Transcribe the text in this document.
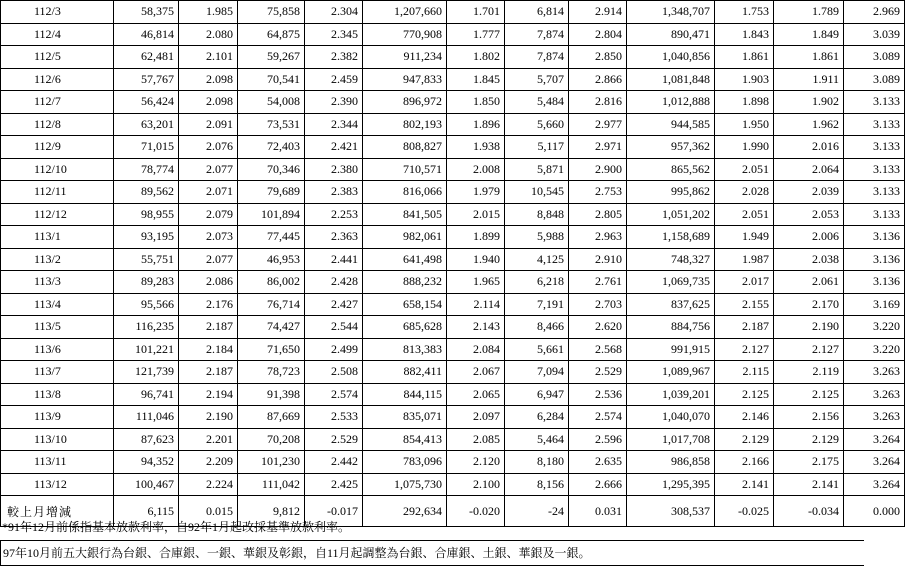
112/3	58,375	1.985	75,858	2.304	1,207,660	1.701	6,814	2.914	1,348,707	1.753	1.789	2.969
112/4	46,814	2.080	64,875	2.345	770,908	1.777	7,874	2.804	890,471	1.843	1.849	3.039
112/5	62,481	2.101	59,267	2.382	911,234	1.802	7,874	2.850	1,040,856	1.861	1.861	3.089
112/6	57,767	2.098	70,541	2.459	947,833	1.845	5,707	2.866	1,081,848	1.903	1.911	3.089
112/7	56,424	2.098	54,008	2.390	896,972	1.850	5,484	2.816	1,012,888	1.898	1.902	3.133
112/8	63,201	2.091	73,531	2.344	802,193	1.896	5,660	2.977	944,585	1.950	1.962	3.133
112/9	71,015	2.076	72,403	2.421	808,827	1.938	5,117	2.971	957,362	1.990	2.016	3.133
112/10	78,774	2.077	70,346	2.380	710,571	2.008	5,871	2.900	865,562	2.051	2.064	3.133
112/11	89,562	2.071	79,689	2.383	816,066	1.979	10,545	2.753	995,862	2.028	2.039	3.133
112/12	98,955	2.079	101,894	2.253	841,505	2.015	8,848	2.805	1,051,202	2.051	2.053	3.133
113/1	93,195	2.073	77,445	2.363	982,061	1.899	5,988	2.963	1,158,689	1.949	2.006	3.136
113/2	55,751	2.077	46,953	2.441	641,498	1.940	4,125	2.910	748,327	1.987	2.038	3.136
113/3	89,283	2.086	86,002	2.428	888,232	1.965	6,218	2.761	1,069,735	2.017	2.061	3.136
113/4	95,566	2.176	76,714	2.427	658,154	2.114	7,191	2.703	837,625	2.155	2.170	3.169
113/5	116,235	2.187	74,427	2.544	685,628	2.143	8,466	2.620	884,756	2.187	2.190	3.220
113/6	101,221	2.184	71,650	2.499	813,383	2.084	5,661	2.568	991,915	2.127	2.127	3.220
113/7	121,739	2.187	78,723	2.508	882,411	2.067	7,094	2.529	1,089,967	2.115	2.119	3.263
113/8	96,741	2.194	91,398	2.574	844,115	2.065	6,947	2.536	1,039,201	2.125	2.125	3.263
113/9	111,046	2.190	87,669	2.533	835,071	2.097	6,284	2.574	1,040,070	2.146	2.156	3.263
113/10	87,623	2.201	70,208	2.529	854,413	2.085	5,464	2.596	1,017,708	2.129	2.129	3.264
113/11	94,352	2.209	101,230	2.442	783,096	2.120	8,180	2.635	986,858	2.166	2.175	3.264
113/12	100,467	2.224	111,042	2.425	1,075,730	2.100	8,156	2.666	1,295,395	2.141	2.141	3.264
較上月增減	6,115	0.015	9,812	-0.017	292,634	-0.020	-24	0.031	308,537	-0.025	-0.034	0.000
*91年12月前係指基本放款利率，自92年1月起改採基準放款利率。
97年10月前五大銀行為台銀、合庫銀、一銀、華銀及彰銀，自11月起調整為台銀、合庫銀、土銀、華銀及一銀。
